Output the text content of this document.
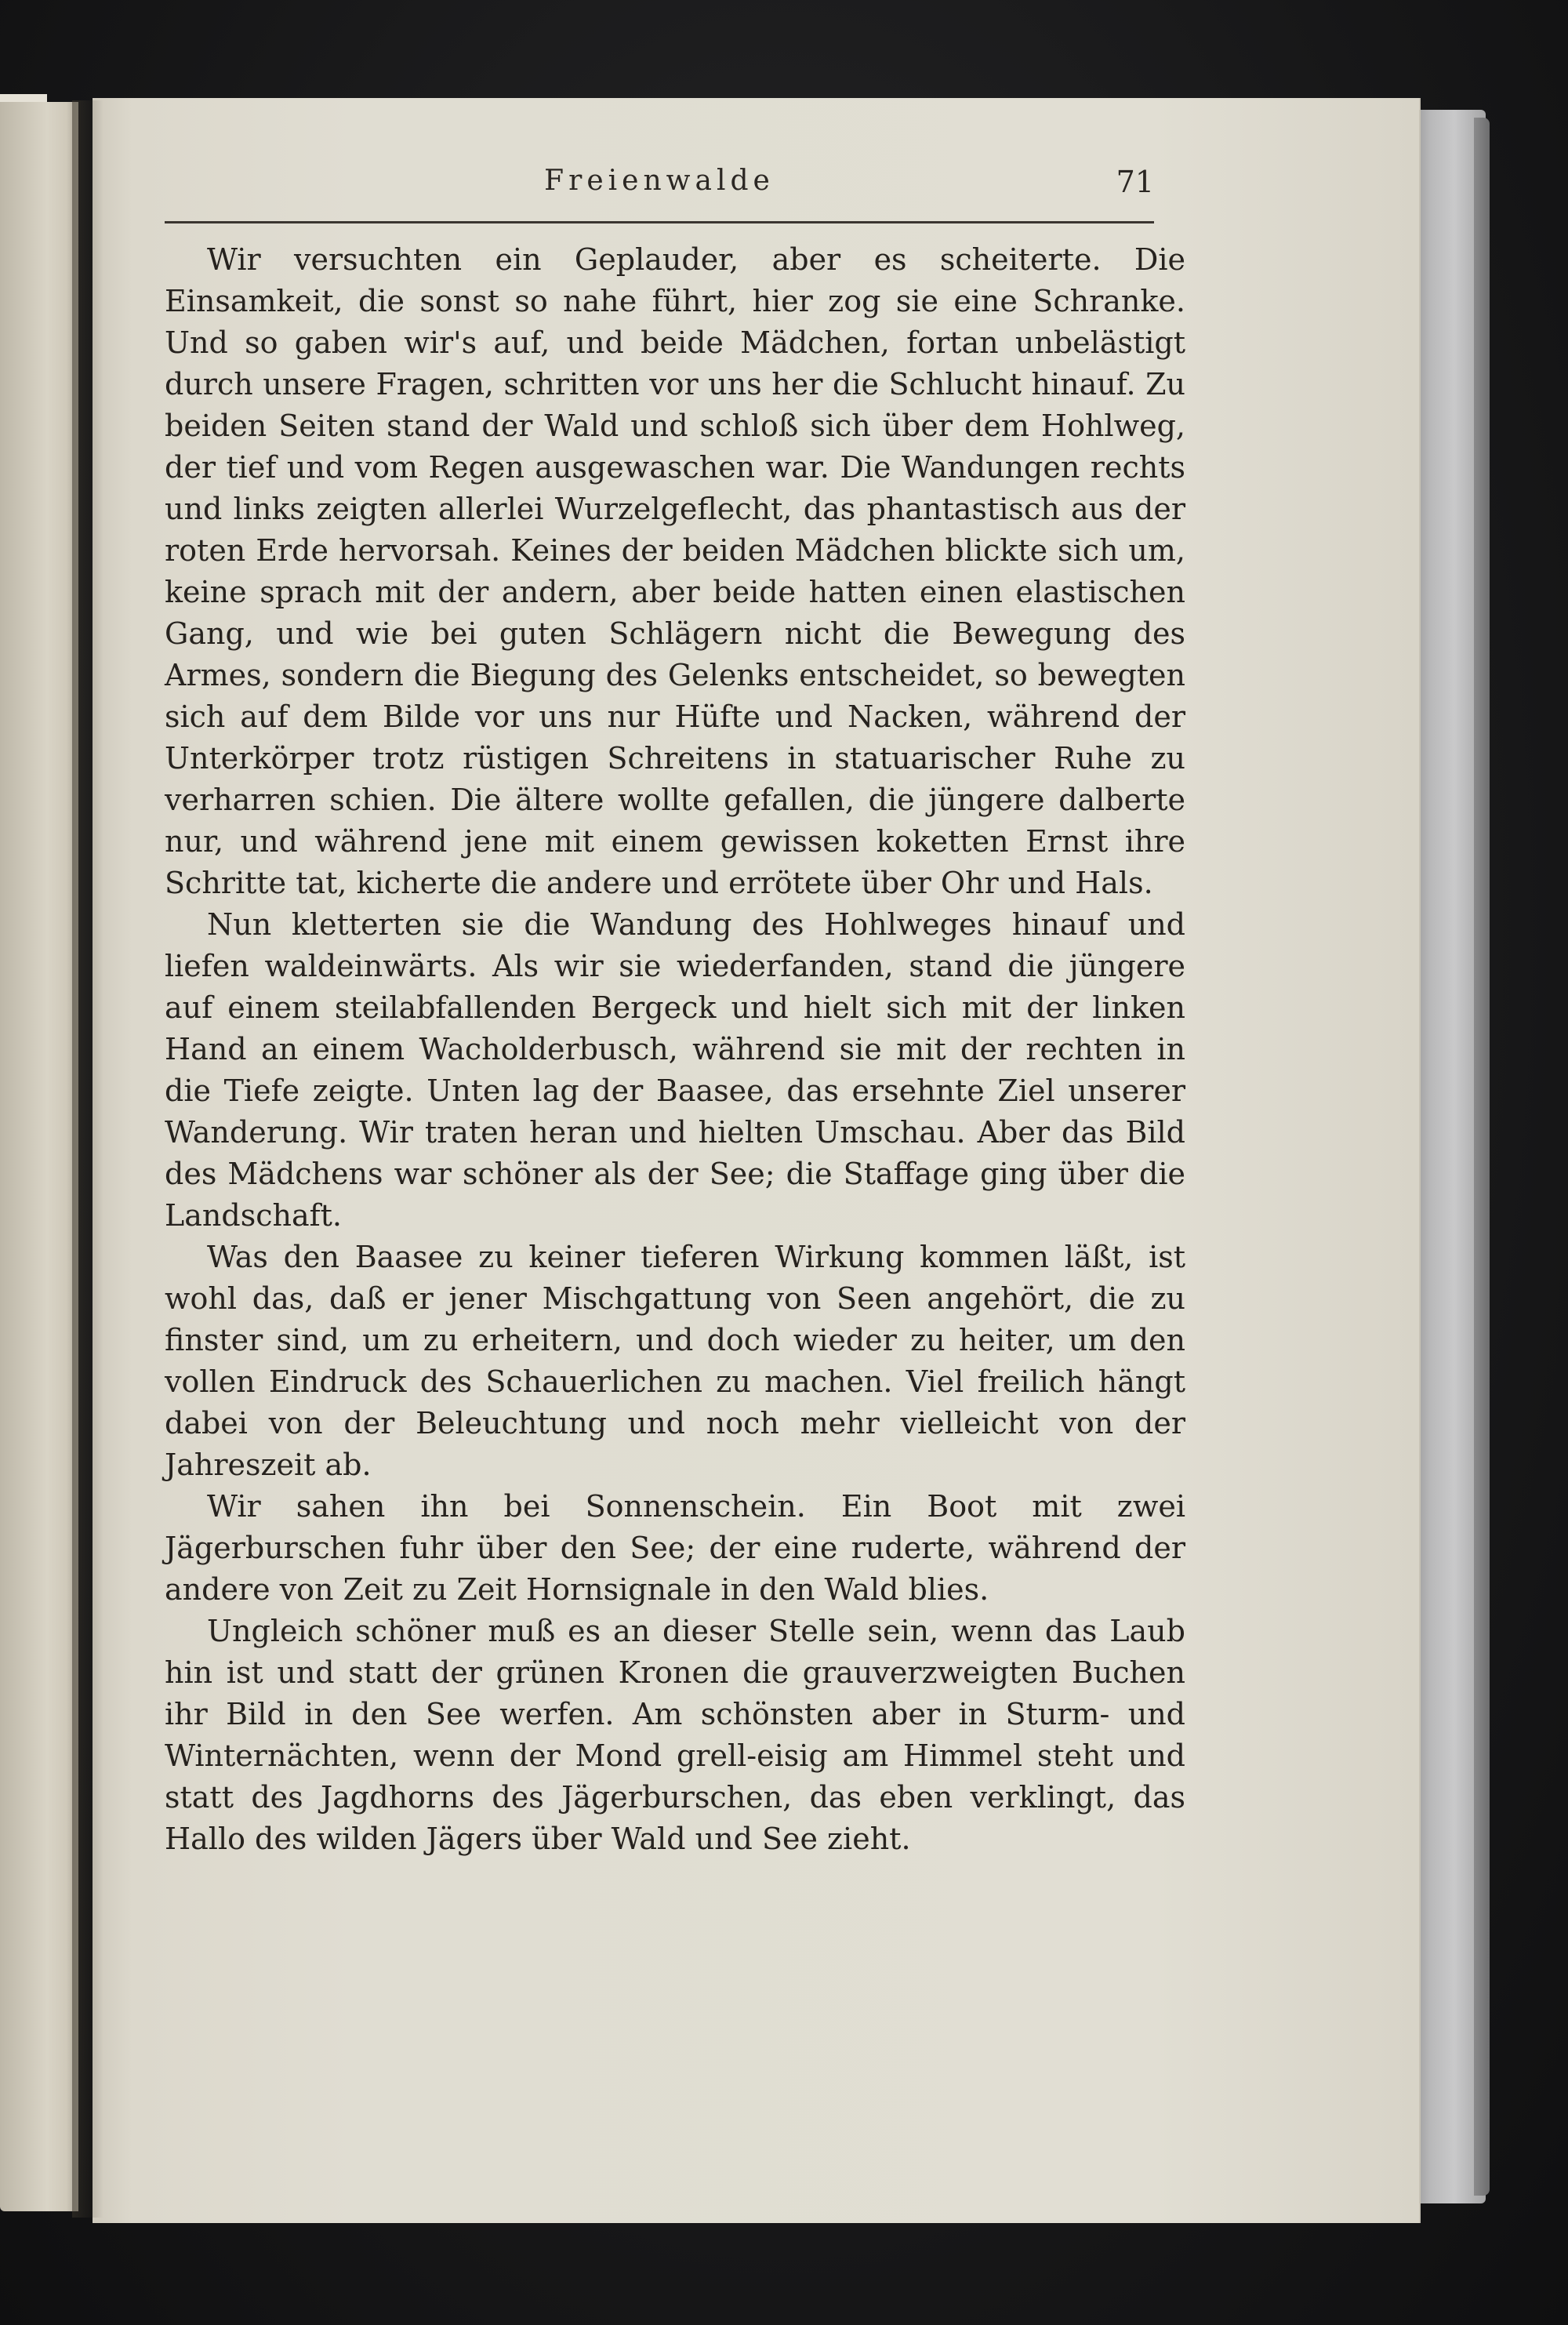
Freienwalde	71

Wir versuchten ein Geplauder, aber es scheiterte. Die Einsamkeit, die sonst so nahe führt, hier zog sie eine Schranke. Und so gaben wir's auf, und beide Mädchen, fortan unbelästigt durch unsere Fragen, schritten vor uns her die Schlucht hinauf. Zu beiden Seiten stand der Wald und schloß sich über dem Hohlweg, der tief und vom Regen ausgewaschen war. Die Wandungen rechts und links zeigten allerlei Wurzelgeflecht, das phantastisch aus der roten Erde hervorsah. Keines der beiden Mädchen blickte sich um, keine sprach mit der andern, aber beide hatten einen elastischen Gang, und wie bei guten Schlägern nicht die Bewegung des Armes, sondern die Biegung des Gelenks entscheidet, so bewegten sich auf dem Bilde vor uns nur Hüfte und Nacken, während der Unterkörper trotz rüstigen Schreitens in statuarischer Ruhe zu verharren schien. Die ältere wollte gefallen, die jüngere dalberte nur, und während jene mit einem gewissen koketten Ernst ihre Schritte tat, kicherte die andere und errötete über Ohr und Hals.

Nun kletterten sie die Wandung des Hohlweges hinauf und liefen waldeinwärts. Als wir sie wiederfanden, stand die jüngere auf einem steilabfallenden Bergeck und hielt sich mit der linken Hand an einem Wacholderbusch, während sie mit der rechten in die Tiefe zeigte. Unten lag der Baasee, das ersehnte Ziel unserer Wanderung. Wir traten heran und hielten Umschau. Aber das Bild des Mädchens war schöner als der See; die Staffage ging über die Landschaft.

Was den Baasee zu keiner tieferen Wirkung kommen läßt, ist wohl das, daß er jener Mischgattung von Seen angehört, die zu finster sind, um zu erheitern, und doch wieder zu heiter, um den vollen Eindruck des Schauerlichen zu machen. Viel freilich hängt dabei von der Beleuchtung und noch mehr vielleicht von der Jahreszeit ab.

Wir sahen ihn bei Sonnenschein. Ein Boot mit zwei Jägerburschen fuhr über den See; der eine ruderte, während der andere von Zeit zu Zeit Hornsignale in den Wald blies.

Ungleich schöner muß es an dieser Stelle sein, wenn das Laub hin ist und statt der grünen Kronen die grauverzweigten Buchen ihr Bild in den See werfen. Am schönsten aber in Sturm- und Winternächten, wenn der Mond grell-eisig am Himmel steht und statt des Jagdhorns des Jägerburschen, das eben verklingt, das Hallo des wilden Jägers über Wald und See zieht.
